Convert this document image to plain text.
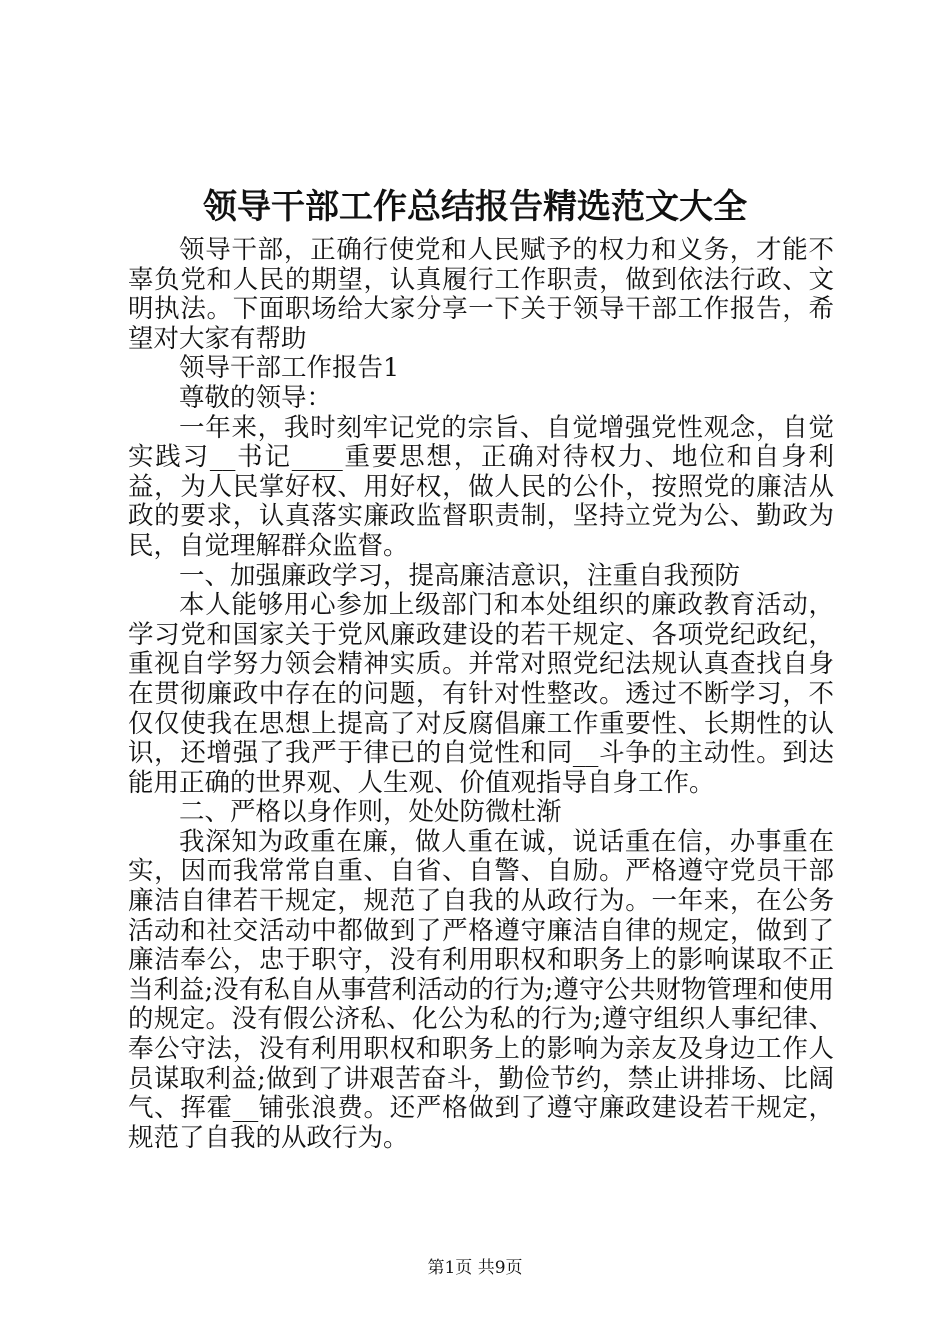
领导干部工作总结报告精选范文大全

领导干部，正确行使党和人民赋予的权力和义务，才能不辜负党和人民的期望，认真履行工作职责，做到依法行政、文明执法。下面职场给大家分享一下关于领导干部工作报告，希望对大家有帮助

领导干部工作报告1

尊敬的领导：

一年来，我时刻牢记党的宗旨、自觉增强党性观念，自觉实践习__书记____重要思想，正确对待权力、地位和自身利益，为人民掌好权、用好权，做人民的公仆，按照党的廉洁从政的要求，认真落实廉政监督职责制，坚持立党为公、勤政为民，自觉理解群众监督。

一、加强廉政学习，提高廉洁意识，注重自我预防

本人能够用心参加上级部门和本处组织的廉政教育活动，学习党和国家关于党风廉政建设的若干规定、各项党纪政纪，重视自学努力领会精神实质。并常对照党纪法规认真查找自身在贯彻廉政中存在的问题，有针对性整改。透过不断学习，不仅仅使我在思想上提高了对反腐倡廉工作重要性、长期性的认识，还增强了我严于律已的自觉性和同__斗争的主动性。到达能用正确的世界观、人生观、价值观指导自身工作。

二、严格以身作则，处处防微杜渐

我深知为政重在廉，做人重在诚，说话重在信，办事重在实，因而我常常自重、自省、自警、自励。严格遵守党员干部廉洁自律若干规定，规范了自我的从政行为。一年来，在公务活动和社交活动中都做到了严格遵守廉洁自律的规定，做到了廉洁奉公，忠于职守，没有利用职权和职务上的影响谋取不正当利益;没有私自从事营利活动的行为;遵守公共财物管理和使用的规定。没有假公济私、化公为私的行为;遵守组织人事纪律、奉公守法，没有利用职权和职务上的影响为亲友及身边工作人员谋取利益;做到了讲艰苦奋斗，勤俭节约，禁止讲排场、比阔气、挥霍__铺张浪费。还严格做到了遵守廉政建设若干规定，规范了自我的从政行为。

第1页 共9页
